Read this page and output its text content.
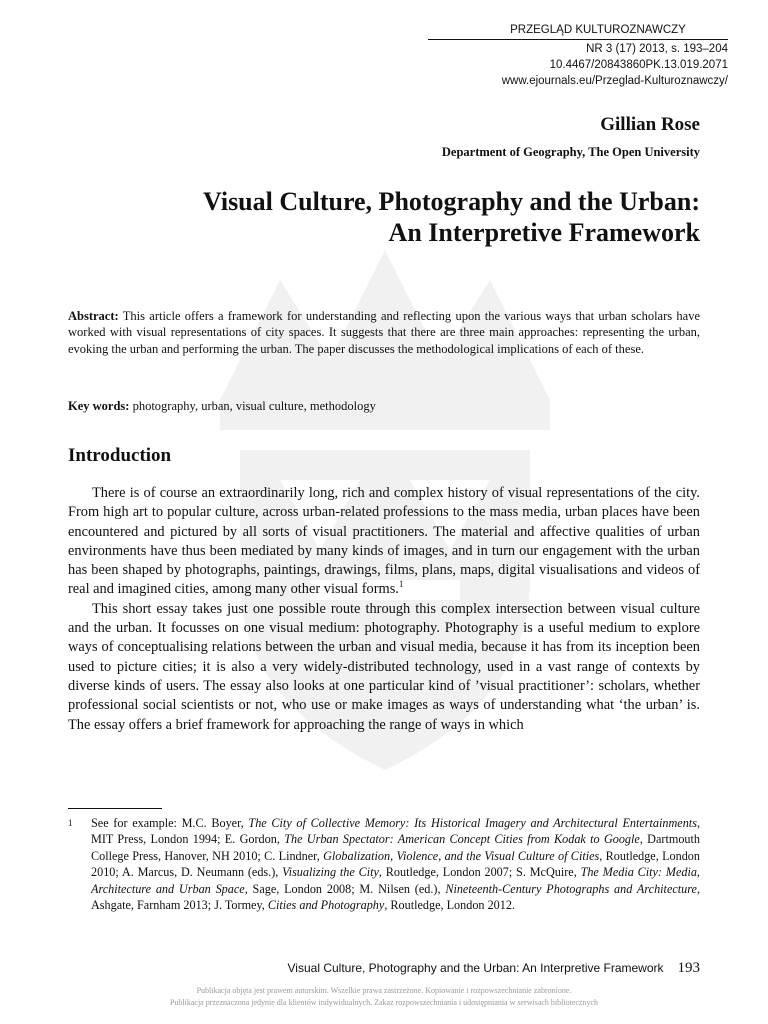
PRZEGLĄD KULTUROZNAWCZY
NR 3 (17) 2013, s. 193–204
10.4467/20843860PK.13.019.2071
www.ejournals.eu/Przeglad-Kulturoznawczy/
Gillian Rose
Department of Geography, The Open University
Visual Culture, Photography and the Urban:
An Interpretive Framework
Abstract: This article offers a framework for understanding and reflecting upon the various ways that urban scholars have worked with visual representations of city spaces. It suggests that there are three main approaches: representing the urban, evoking the urban and performing the urban. The paper discusses the methodological implications of each of these.
Key words: photography, urban, visual culture, methodology
Introduction

There is of course an extraordinarily long, rich and complex history of visual representations of the city. From high art to popular culture, across urban-related professions to the mass media, urban places have been encountered and pictured by all sorts of visual practitioners. The material and affective qualities of urban environments have thus been mediated by many kinds of images, and in turn our engagement with the urban has been shaped by photographs, paintings, drawings, films, plans, maps, digital visualisations and videos of real and imagined cities, among many other visual forms.$^1$

This short essay takes just one possible route through this complex intersection between visual culture and the urban. It focusses on one visual medium: photography. Photography is a useful medium to explore ways of conceptualising relations between the urban and visual media, because it has from its inception been used to picture cities; it is also a very widely-distributed technology, used in a vast range of contexts by diverse kinds of users. The essay also looks at one particular kind of ’visual practitioner’: scholars, whether professional social scientists or not, who use or make images as ways of understanding what ‘the urban’ is. The essay offers a brief framework for approaching the range of ways in which

1 See for example: M.C. Boyer, The City of Collective Memory: Its Historical Imagery and Architectural Entertainments, MIT Press, London 1994; E. Gordon, The Urban Spectator: American Concept Cities from Kodak to Google, Dartmouth College Press, Hanover, NH 2010; C. Lindner, Globalization, Violence, and the Visual Culture of Cities, Routledge, London 2010; A. Marcus, D. Neumann (eds.), Visualizing the City, Routledge, London 2007; S. McQuire, The Media City: Media, Architecture and Urban Space, Sage, London 2008; M. Nilsen (ed.), Nineteenth-Century Photographs and Architecture, Ashgate, Farnham 2013; J. Tormey, Cities and Photography, Routledge, London 2012.
Visual Culture, Photography and the Urban: An Interpretive Framework 193
Publikacja objęta jest prawem autorskim. Wszelkie prawa zastrzeżone. Kopiowanie i rozpowszechnianie zabronione.
Publikacja przeznaczona jedynie dla klientów indywidualnych. Zakaz rozpowszechniania i udostępniania w serwisach bibliotecznych
